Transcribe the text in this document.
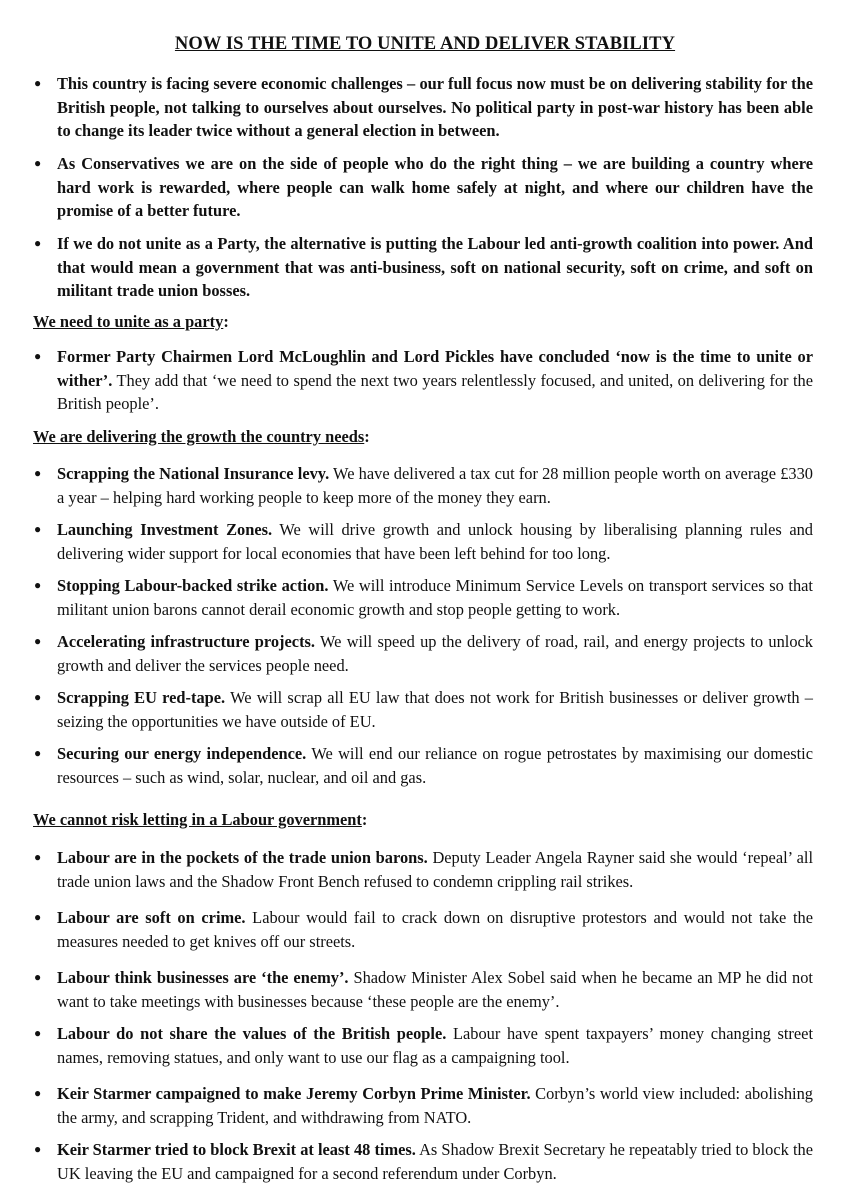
NOW IS THE TIME TO UNITE AND DELIVER STABILITY
● This country is facing severe economic challenges – our full focus now must be on delivering stability for the British people, not talking to ourselves about ourselves. No political party in post-war history has been able to change its leader twice without a general election in between.
● As Conservatives we are on the side of people who do the right thing – we are building a country where hard work is rewarded, where people can walk home safely at night, and where our children have the promise of a better future.
● If we do not unite as a Party, the alternative is putting the Labour led anti-growth coalition into power. And that would mean a government that was anti-business, soft on national security, soft on crime, and soft on militant trade union bosses.
We need to unite as a party:
● Former Party Chairmen Lord McLoughlin and Lord Pickles have concluded ‘now is the time to unite or wither’. They add that ‘we need to spend the next two years relentlessly focused, and united, on delivering for the British people’.
We are delivering the growth the country needs:
● Scrapping the National Insurance levy. We have delivered a tax cut for 28 million people worth on average £330 a year – helping hard working people to keep more of the money they earn.
● Launching Investment Zones. We will drive growth and unlock housing by liberalising planning rules and delivering wider support for local economies that have been left behind for too long.
● Stopping Labour-backed strike action. We will introduce Minimum Service Levels on transport services so that militant union barons cannot derail economic growth and stop people getting to work.
● Accelerating infrastructure projects. We will speed up the delivery of road, rail, and energy projects to unlock growth and deliver the services people need.
● Scrapping EU red-tape. We will scrap all EU law that does not work for British businesses or deliver growth – seizing the opportunities we have outside of EU.
● Securing our energy independence. We will end our reliance on rogue petrostates by maximising our domestic resources – such as wind, solar, nuclear, and oil and gas.
We cannot risk letting in a Labour government:
● Labour are in the pockets of the trade union barons. Deputy Leader Angela Rayner said she would ‘repeal’ all trade union laws and the Shadow Front Bench refused to condemn crippling rail strikes.
● Labour are soft on crime. Labour would fail to crack down on disruptive protestors and would not take the measures needed to get knives off our streets.
● Labour think businesses are ‘the enemy’. Shadow Minister Alex Sobel said when he became an MP he did not want to take meetings with businesses because ‘these people are the enemy’.
● Labour do not share the values of the British people. Labour have spent taxpayers’ money changing street names, removing statues, and only want to use our flag as a campaigning tool.
● Keir Starmer campaigned to make Jeremy Corbyn Prime Minister. Corbyn’s world view included: abolishing the army, and scrapping Trident, and withdrawing from NATO.
● Keir Starmer tried to block Brexit at least 48 times. As Shadow Brexit Secretary he repeatably tried to block the UK leaving the EU and campaigned for a second referendum under Corbyn.
